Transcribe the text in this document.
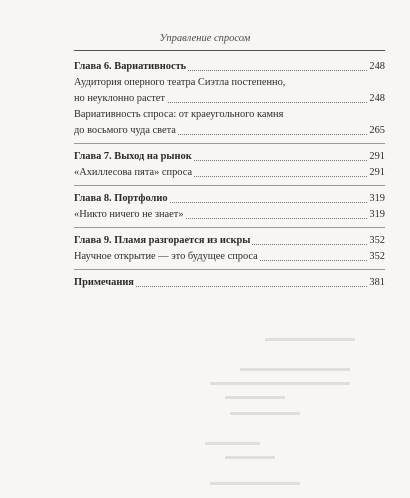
Управление спросом
Глава 6. Вариативность	248
Аудитория оперного театра Сиэтла постепенно,
но неуклонно растет	248
Вариативность спроса: от краеугольного камня
до восьмого чуда света	265
Глава 7. Выход на рынок	291
«Ахиллесова пята» спроса	291
Глава 8. Портфолио	319
«Никто ничего не знает»	319
Глава 9. Пламя разгорается из искры	352
Научное открытие — это будущее спроса	352
Примечания	381
